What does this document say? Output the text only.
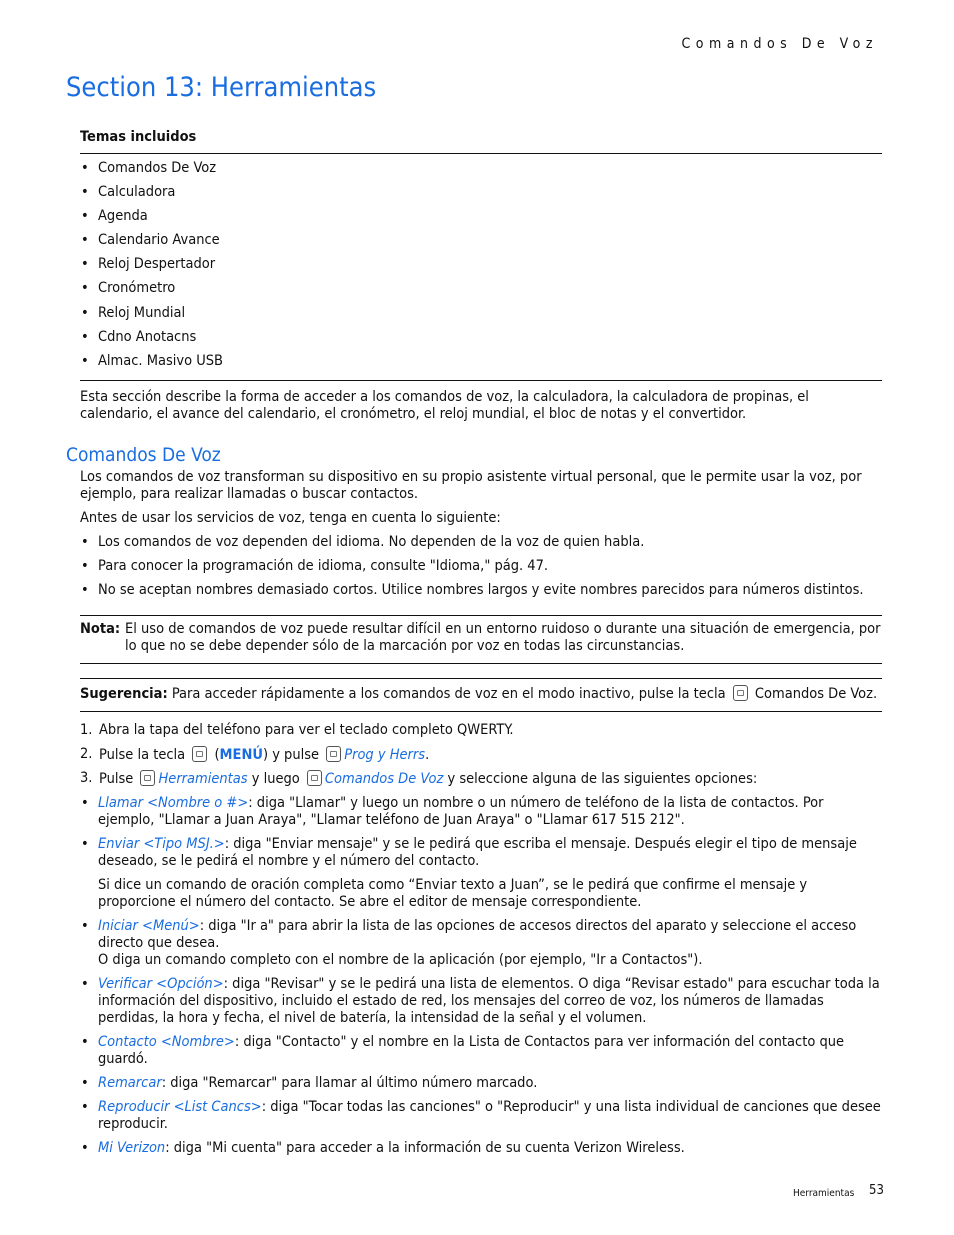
Comandos De Voz
Section 13: Herramientas
Temas incluidos
• Comandos De Voz
• Calculadora
• Agenda
• Calendario Avance
• Reloj Despertador
• Cronómetro
• Reloj Mundial
• Cdno Anotacns
• Almac. Masivo USB

Esta sección describe la forma de acceder a los comandos de voz, la calculadora, la calculadora de propinas, el calendario, el avance del calendario, el cronómetro, el reloj mundial, el bloc de notas y el convertidor.

Comandos De Voz

Los comandos de voz transforman su dispositivo en su propio asistente virtual personal, que le permite usar la voz, por ejemplo, para realizar llamadas o buscar contactos.

Antes de usar los servicios de voz, tenga en cuenta lo siguiente:

• Los comandos de voz dependen del idioma. No dependen de la voz de quien habla.
• Para conocer la programación de idioma, consulte "Idioma," pág. 47.
• No se aceptan nombres demasiado cortos. Utilice nombres largos y evite nombres parecidos para números distintos.
Nota: El uso de comandos de voz puede resultar difícil en un entorno ruidoso o durante una situación de emergencia, por lo que no se debe depender sólo de la marcación por voz en todas las circunstancias.
Sugerencia: Para acceder rápidamente a los comandos de voz en el modo inactivo, pulse la tecla  Comandos De Voz.
1. Abra la tapa del teléfono para ver el teclado completo QWERTY.
2. Pulse la tecla  (MENÚ) y pulse Prog y Herrs.
3. Pulse Herramientas y luego Comandos De Voz y seleccione alguna de las siguientes opciones:
• Llamar <Nombre o #>: diga "Llamar" y luego un nombre o un número de teléfono de la lista de contactos. Por ejemplo, "Llamar a Juan Araya", "Llamar teléfono de Juan Araya" o "Llamar 617 515 212".
• Enviar <Tipo MSJ.>: diga "Enviar mensaje" y se le pedirá que escriba el mensaje. Después elegir el tipo de mensaje deseado, se le pedirá el nombre y el número del contacto.
Si dice un comando de oración completa como “Enviar texto a Juan”, se le pedirá que confirme el mensaje y proporcione el número del contacto. Se abre el editor de mensaje correspondiente.
• Iniciar <Menú>: diga "Ir a" para abrir la lista de las opciones de accesos directos del aparato y seleccione el acceso directo que desea.
O diga un comando completo con el nombre de la aplicación (por ejemplo, "Ir a Contactos").
• Verificar <Opción>: diga "Revisar" y se le pedirá una lista de elementos. O diga “Revisar estado" para escuchar toda la información del dispositivo, incluido el estado de red, los mensajes del correo de voz, los números de llamadas perdidas, la hora y fecha, el nivel de batería, la intensidad de la señal y el volumen.
• Contacto <Nombre>: diga "Contacto" y el nombre en la Lista de Contactos para ver información del contacto que guardó.
• Remarcar: diga "Remarcar" para llamar al último número marcado.
• Reproducir <List Cancs>: diga "Tocar todas las canciones" o "Reproducir" y una lista individual de canciones que desee reproducir.
• Mi Verizon: diga "Mi cuenta" para acceder a la información de su cuenta Verizon Wireless.
Herramientas 53
